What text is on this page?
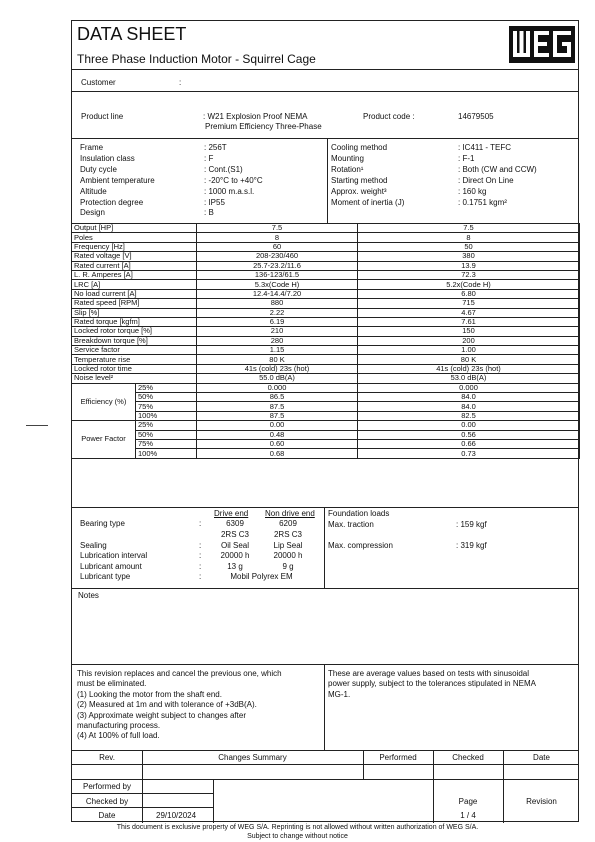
DATA SHEET
Three Phase Induction Motor - Squirrel Cage
Customer	:
Product line	: W21 Explosion Proof NEMA
Premium Efficiency Three-Phase
Product code :	14679505
Frame	: 256T
Insulation class	: F
Duty cycle	: Cont.(S1)
Ambient temperature	: -20°C to +40°C
Altitude	: 1000 m.a.s.l.
Protection degree	: IP55
Design	: B
Cooling method	: IC411 - TEFC
Mounting	: F-1
Rotation¹	: Both (CW and CCW)
Starting method	: Direct On Line
Approx. weight³	: 160 kg
Moment of inertia (J)	: 0.1751 kgm²
Output [HP]		7.5	7.5
Poles		8	8
Frequency [Hz]		60	50
Rated voltage [V]		208-230/460	380
Rated current [A]		25.7-23.2/11.6	13.9
L. R. Amperes [A]		136-123/61.5	72.3
LRC [A]		5.3x(Code H)	5.2x(Code H)
No load current [A]		12.4-14.4/7.20	6.80
Rated speed [RPM]		880	715
Slip [%]		2.22	4.67
Rated torque [kgfm]		6.19	7.61
Locked rotor torque [%]		210	150
Breakdown torque [%]		280	200
Service factor		1.15	1.00
Temperature rise		80 K	80 K
Locked rotor time		41s (cold) 23s (hot)	41s (cold) 23s (hot)
Noise level²		55.0 dB(A)	53.0 dB(A)
Efficiency (%)	25%	0.000	0.000
	50%	86.5	84.0
	75%	87.5	84.0
	100%	87.5	82.5
Power Factor	25%	0.00	0.00
	50%	0.48	0.56
	75%	0.60	0.66
	100%	0.68	0.73
Drive end Non drive end
Bearing type	:	6309	6209
2RS C3	2RS C3
Sealing	:	Oil Seal	Lip Seal
Lubrication interval	:	20000 h	20000 h
Lubricant amount	:	13 g	9 g
Lubricant type	:	Mobil Polyrex EM
Foundation loads
Max. traction	: 159 kgf
Max. compression	: 319 kgf
Notes
This revision replaces and cancel the previous one, which
must be eliminated.
(1) Looking the motor from the shaft end.
(2) Measured at 1m and with tolerance of +3dB(A).
(3) Approximate weight subject to changes after
manufacturing process.
(4) At 100% of full load.
These are average values based on tests with sinusoidal
power supply, subject to the tolerances stipulated in NEMA
MG-1.
Rev.	Changes Summary	Performed	Checked	Date
Performed by
Checked by
Date	29/10/2024
Page
1 / 4
Revision
This document is exclusive property of WEG S/A. Reprinting is not allowed without written authorization of WEG S/A.
Subject to change without notice
